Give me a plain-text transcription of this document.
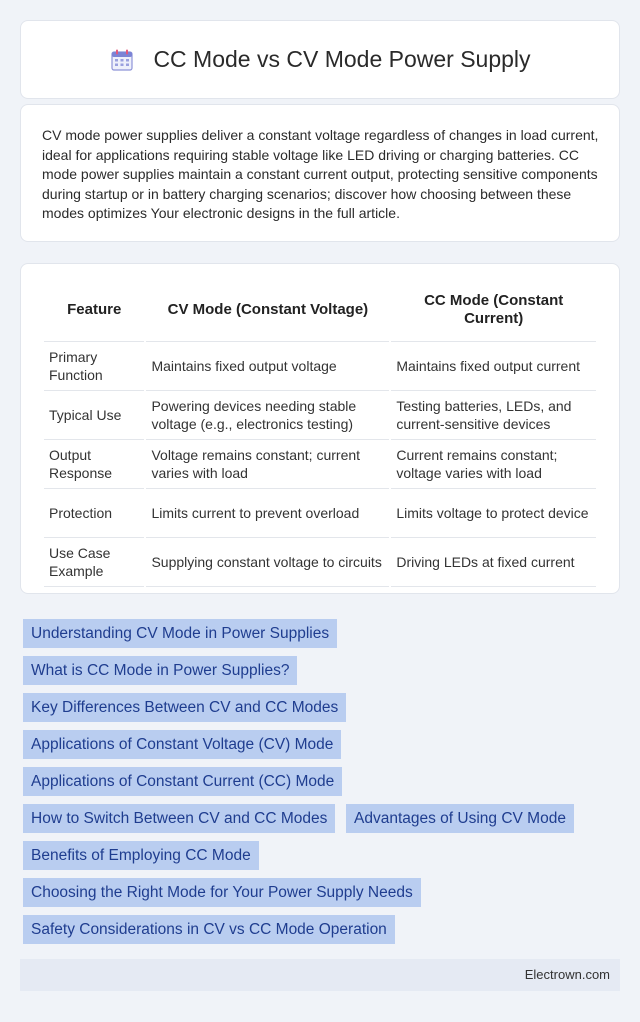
CC Mode vs CV Mode Power Supply
CV mode power supplies deliver a constant voltage regardless of changes in load current, ideal for applications requiring stable voltage like LED driving or charging batteries. CC mode power supplies maintain a constant current output, protecting sensitive components during startup or in battery charging scenarios; discover how choosing between these modes optimizes Your electronic designs in the full article.
Feature	CV Mode (Constant Voltage)	CC Mode (Constant Current)
Primary Function	Maintains fixed output voltage	Maintains fixed output current
Typical Use	Powering devices needing stable voltage (e.g., electronics testing)	Testing batteries, LEDs, and current-sensitive devices
Output Response	Voltage remains constant; current varies with load	Current remains constant; voltage varies with load
Protection	Limits current to prevent overload	Limits voltage to protect device
Use Case Example	Supplying constant voltage to circuits	Driving LEDs at fixed current
Understanding CV Mode in Power Supplies
What is CC Mode in Power Supplies?
Key Differences Between CV and CC Modes
Applications of Constant Voltage (CV) Mode
Applications of Constant Current (CC) Mode
How to Switch Between CV and CC Modes	Advantages of Using CV Mode
Benefits of Employing CC Mode
Choosing the Right Mode for Your Power Supply Needs
Safety Considerations in CV vs CC Mode Operation
Electrown.com
